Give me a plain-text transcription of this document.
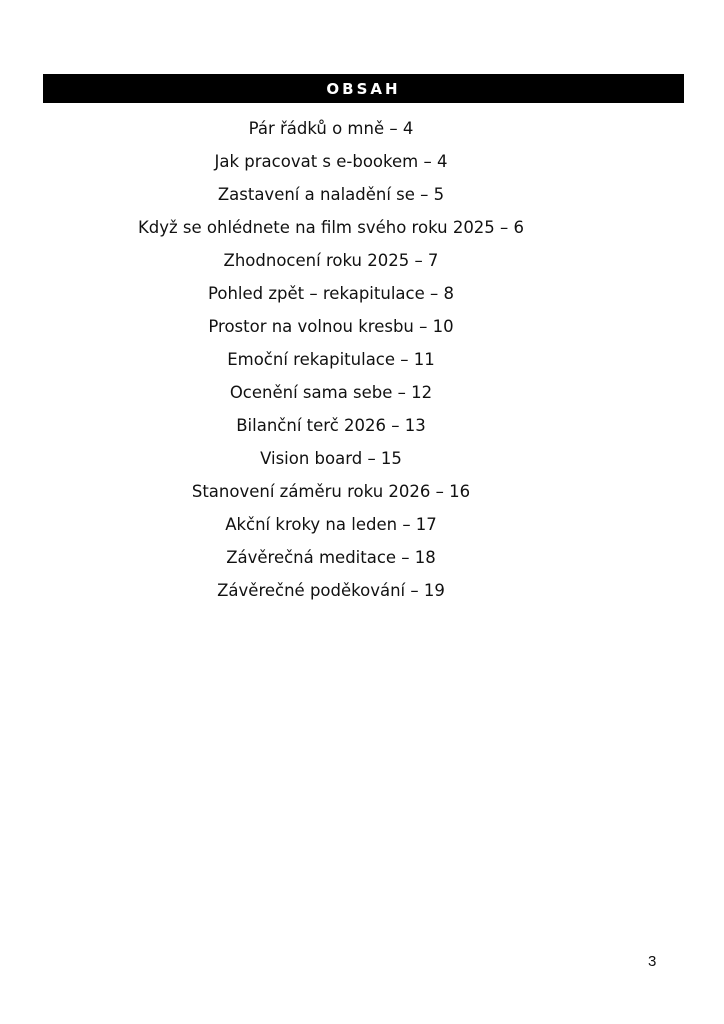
OBSAH
Pár řádků o mně – 4
Jak pracovat s e-bookem – 4
Zastavení a naladění se – 5
Když se ohlédnete na film svého roku 2025 – 6
Zhodnocení roku 2025 – 7
Pohled zpět – rekapitulace – 8
Prostor na volnou kresbu – 10
Emoční rekapitulace – 11
Ocenění sama sebe – 12
Bilanční terč 2026 – 13
Vision board – 15
Stanovení záměru roku 2026 – 16
Akční kroky na leden – 17
Závěrečná meditace – 18
Závěrečné poděkování – 19
3
